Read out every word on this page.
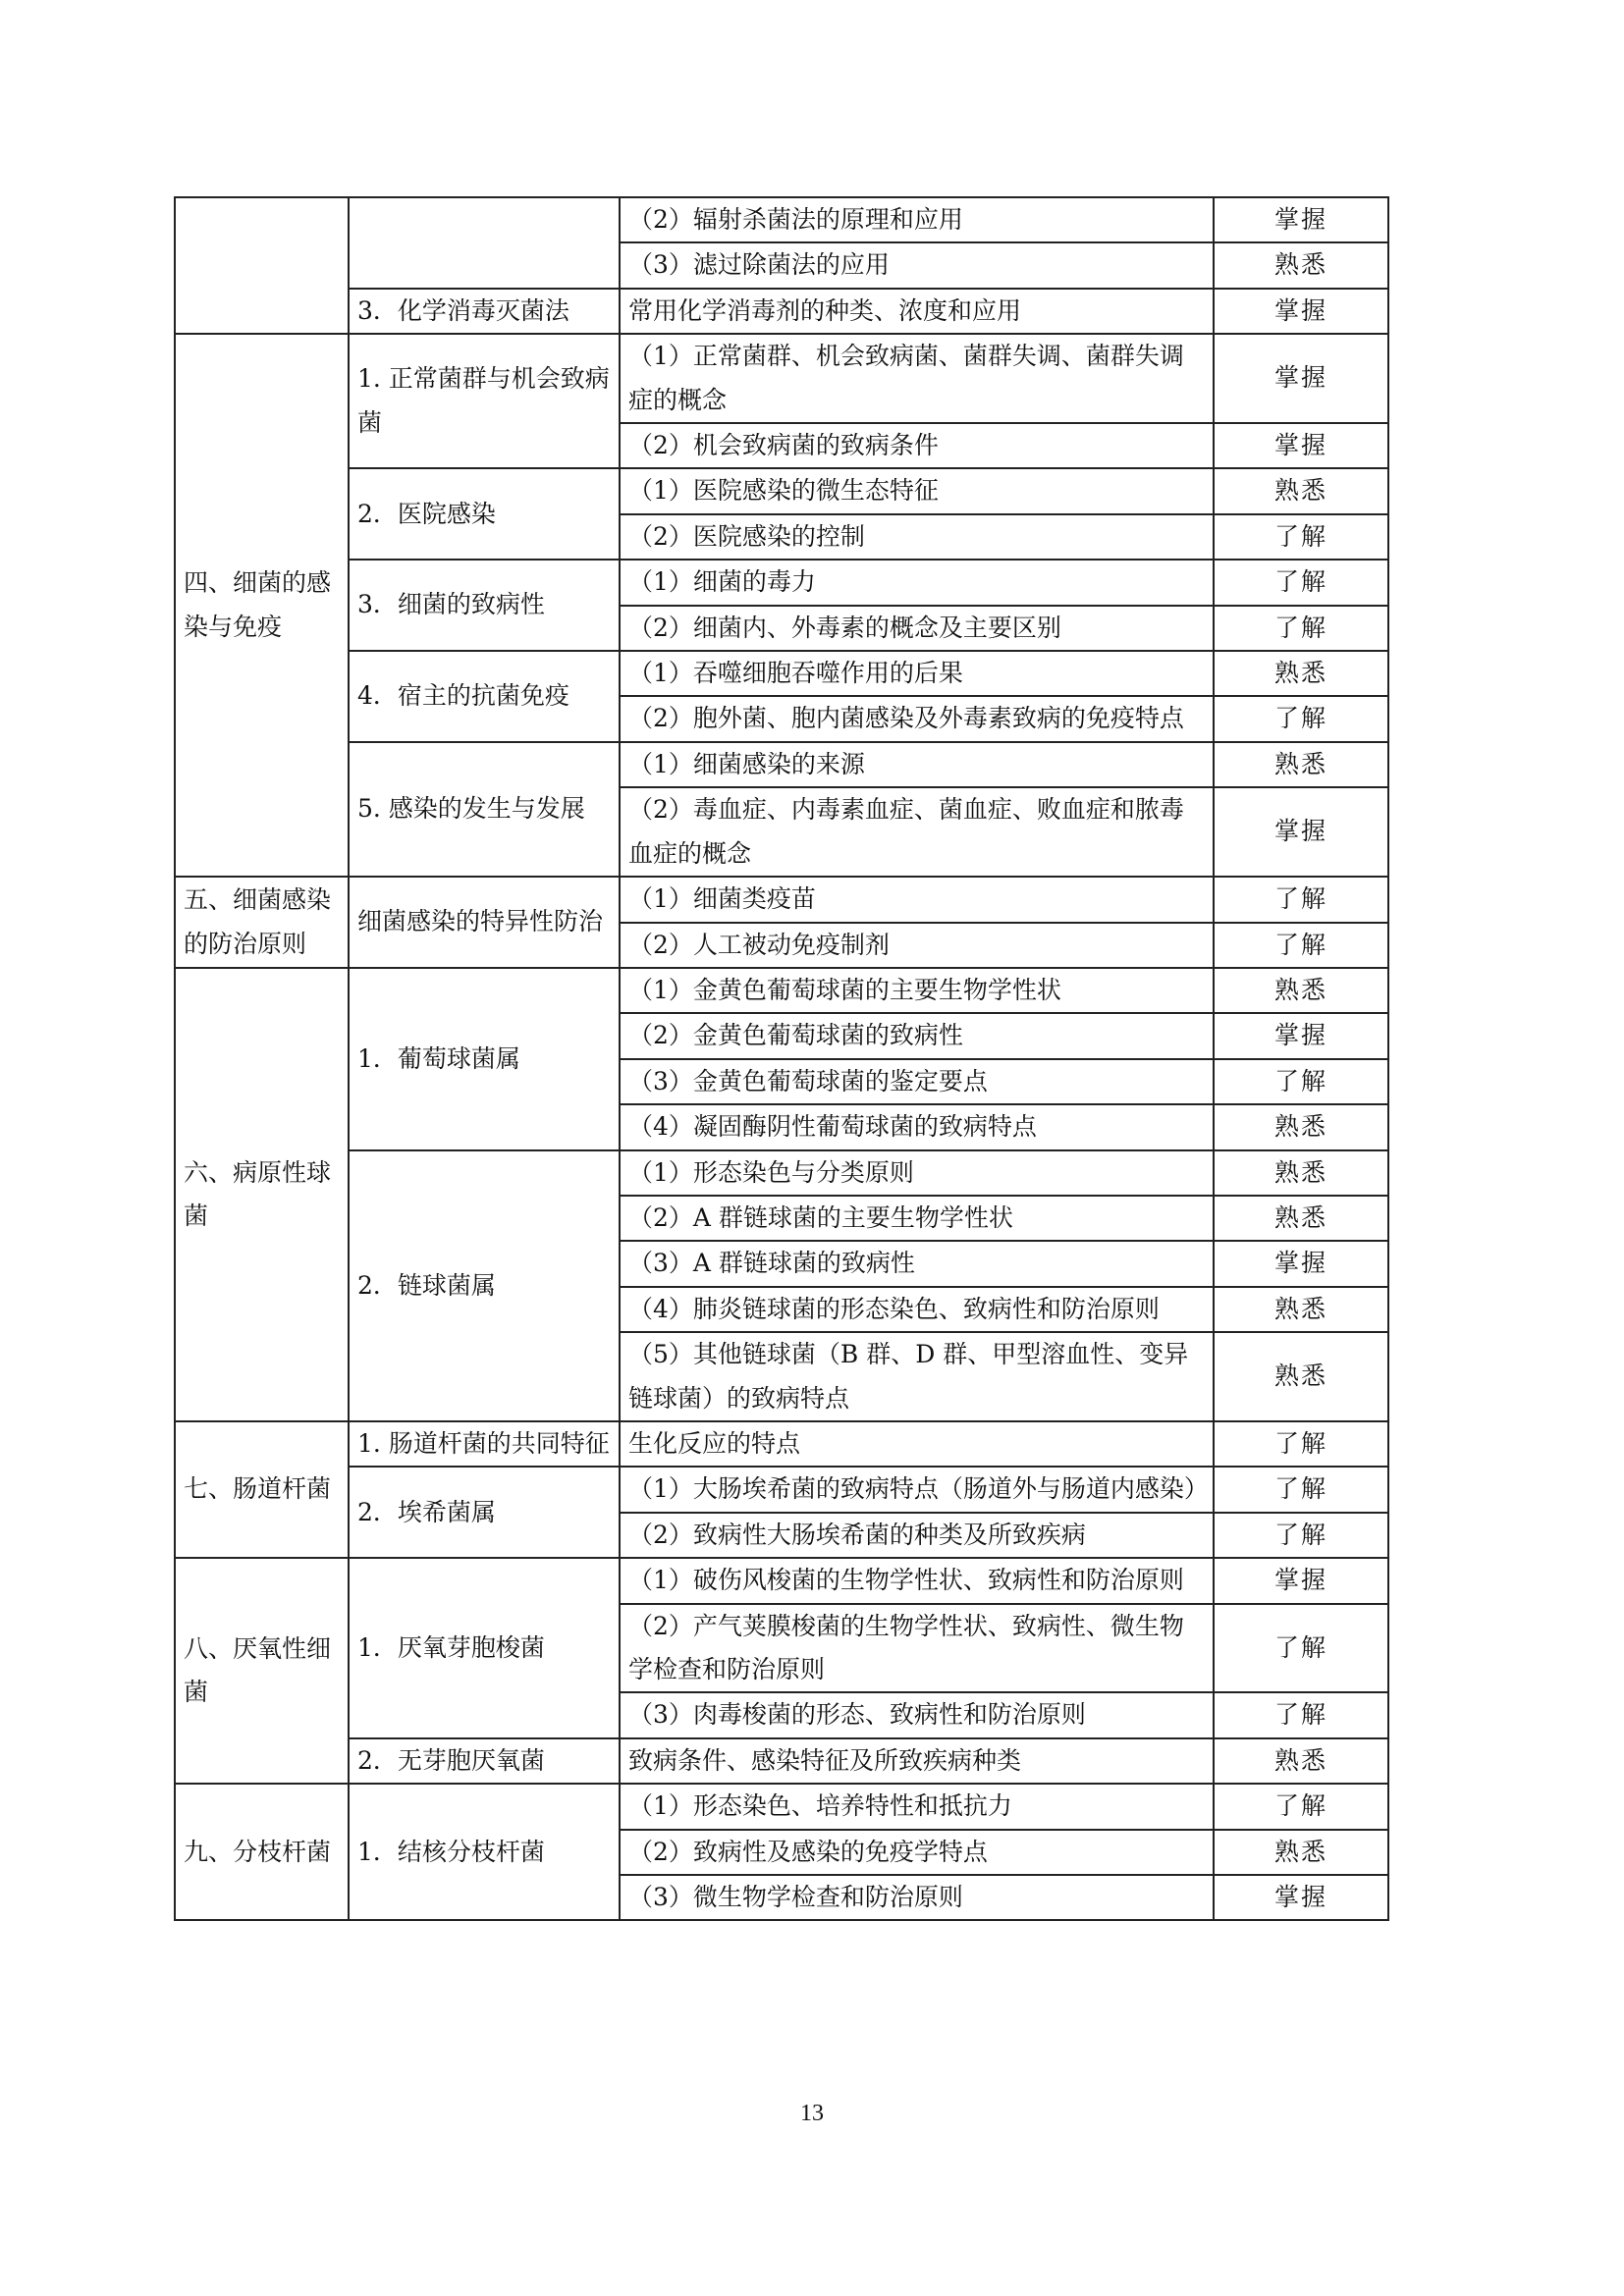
		（2）辐射杀菌法的原理和应用	掌握
		（3）滤过除菌法的应用	熟悉
	3．化学消毒灭菌法	常用化学消毒剂的种类、浓度和应用	掌握
四、细菌的感染与免疫	1. 正常菌群与机会致病菌	（1）正常菌群、机会致病菌、菌群失调、菌群失调症的概念	掌握
		（2）机会致病菌的致病条件	掌握
	2．医院感染	（1）医院感染的微生态特征	熟悉
		（2）医院感染的控制	了解
	3．细菌的致病性	（1）细菌的毒力	了解
		（2）细菌内、外毒素的概念及主要区别	了解
	4．宿主的抗菌免疫	（1）吞噬细胞吞噬作用的后果	熟悉
		（2）胞外菌、胞内菌感染及外毒素致病的免疫特点	了解
	5. 感染的发生与发展	（1）细菌感染的来源	熟悉
		（2）毒血症、内毒素血症、菌血症、败血症和脓毒血症的概念	掌握
五、细菌感染的防治原则	细菌感染的特异性防治	（1）细菌类疫苗	了解
		（2）人工被动免疫制剂	了解
六、病原性球菌	1．葡萄球菌属	（1）金黄色葡萄球菌的主要生物学性状	熟悉
		（2）金黄色葡萄球菌的致病性	掌握
		（3）金黄色葡萄球菌的鉴定要点	了解
		（4）凝固酶阴性葡萄球菌的致病特点	熟悉
	2．链球菌属	（1）形态染色与分类原则	熟悉
		（2）A 群链球菌的主要生物学性状	熟悉
		（3）A 群链球菌的致病性	掌握
		（4）肺炎链球菌的形态染色、致病性和防治原则	熟悉
		（5）其他链球菌（B 群、D 群、甲型溶血性、变异链球菌）的致病特点	熟悉
七、肠道杆菌	1. 肠道杆菌的共同特征	生化反应的特点	了解
	2．埃希菌属	（1）大肠埃希菌的致病特点（肠道外与肠道内感染）	了解
		（2）致病性大肠埃希菌的种类及所致疾病	了解
八、厌氧性细菌	1．厌氧芽胞梭菌	（1）破伤风梭菌的生物学性状、致病性和防治原则	掌握
		（2）产气荚膜梭菌的生物学性状、致病性、微生物学检查和防治原则	了解
		（3）肉毒梭菌的形态、致病性和防治原则	了解
	2．无芽胞厌氧菌	致病条件、感染特征及所致疾病种类	熟悉
九、分枝杆菌	1．结核分枝杆菌	（1）形态染色、培养特性和抵抗力	了解
		（2）致病性及感染的免疫学特点	熟悉
		（3）微生物学检查和防治原则	掌握
13
